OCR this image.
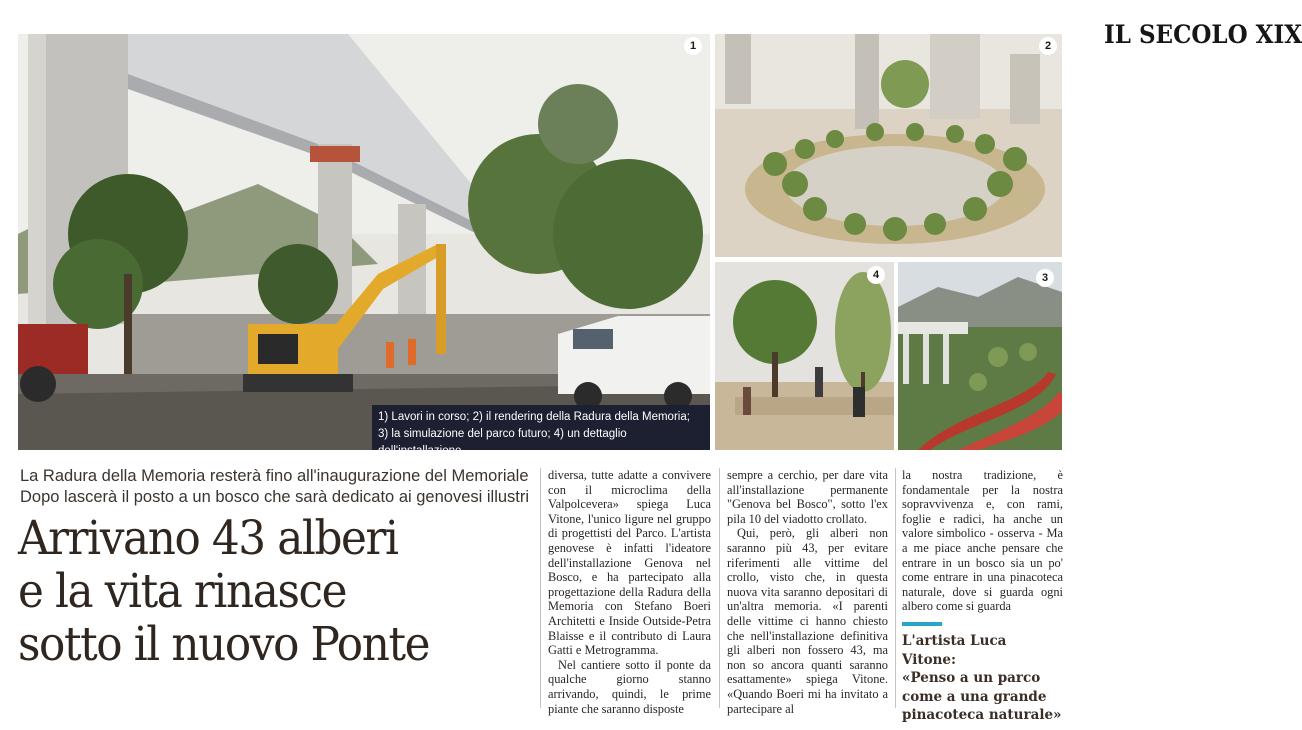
IL SECOLO XIX
1	2
4	3
1) Lavori in corso; 2) il rendering della Radura della Memoria;
3) la simulazione del parco futuro; 4) un dettaglio dell'installazione
La Radura della Memoria resterà fino all'inaugurazione del Memoriale
Dopo lascerà il posto a un bosco che sarà dedicato ai genovesi illustri
Arrivano 43 alberi
e la vita rinasce
sotto il nuovo Ponte

diversa, tutte adatte a convivere con il microclima della Valpolcevera» spiega Luca Vitone, l'unico ligure nel gruppo di progettisti del Parco. L'artista genovese è infatti l'ideatore dell'installazione Genova nel Bosco, e ha partecipato alla progettazione della Radura della Memoria con Stefano Boeri Architetti e Inside Outside-Petra Blaisse e il contributo di Laura Gatti e Metrogramma.

Nel cantiere sotto il ponte da qualche giorno stanno arrivando, quindi, le prime piante che saranno disposte

sempre a cerchio, per dare vita all'installazione permanente "Genova bel Bosco", sotto l'ex pila 10 del viadotto crollato.

Qui, però, gli alberi non saranno più 43, per evitare riferimenti alle vittime del crollo, visto che, in questa nuova vita saranno depositari di un'altra memoria. «I parenti delle vittime ci hanno chiesto che nell'installazione definitiva gli alberi non fossero 43, ma non so ancora quanti saranno esattamente» spiega Vitone. «Quando Boeri mi ha invitato a partecipare al

la nostra tradizione, è fondamentale per la nostra sopravvivenza e, con rami, foglie e radici, ha anche un valore simbolico - osserva - Ma a me piace anche pensare che entrare in un bosco sia un po' come entrare in una pinacoteca naturale, dove si guarda ogni albero come si guarda

L'artista Luca Vitone:
«Penso a un parco
come a una grande
pinacoteca naturale»
